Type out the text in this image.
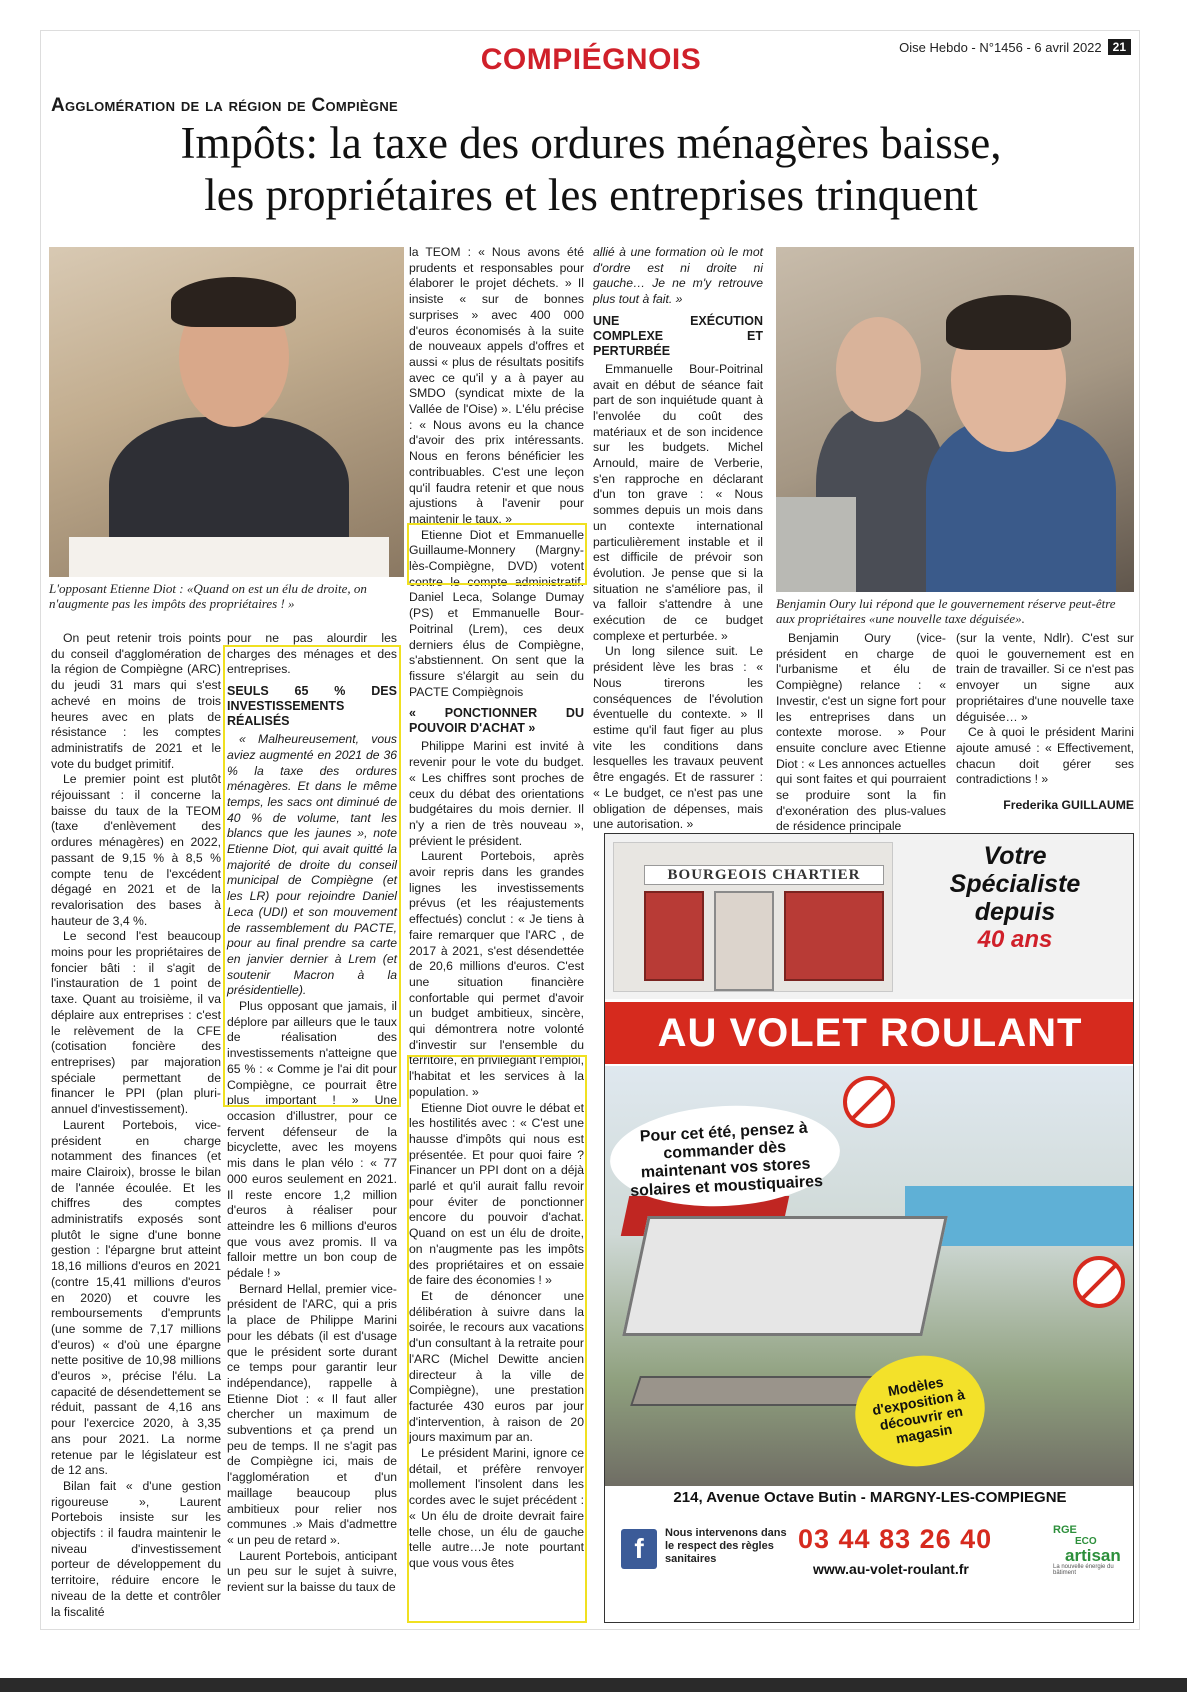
COMPIÉGNOIS	Oise Hebdo - N°1456 - 6 avril 2022 21
Agglomération de la région de Compiègne
Impôts: la taxe des ordures ménagères baisse,
les propriétaires et les entreprises trinquent
L'opposant Etienne Diot : «Quand on est un élu de droite, on n'augmente pas les impôts des propriétaires ! »	Benjamin Oury lui répond que le gouvernement réserve peut-être aux propriétaires «une nouvelle taxe déguisée».

On peut retenir trois points du conseil d'agglomération de la région de Compiègne (ARC) du jeudi 31 mars qui s'est achevé en moins de trois heures avec en plats de résistance : les comptes administratifs de 2021 et le vote du budget primitif.

Le premier point est plutôt réjouissant : il concerne la baisse du taux de la TEOM (taxe d'enlèvement des ordures ménagères) en 2022, passant de 9,15 % à 8,5 % compte tenu de l'excédent dégagé en 2021 et de la revalorisation des bases à hauteur de 3,4 %.

Le second l'est beaucoup moins pour les propriétaires de foncier bâti : il s'agit de l'instauration de 1 point de taxe. Quant au troisième, il va déplaire aux entreprises : c'est le relèvement de la CFE (cotisation foncière des entreprises) par majoration spéciale permettant de financer le PPI (plan pluri-annuel d'investissement).

Laurent Portebois, vice-président en charge notamment des finances (et maire Clairoix), brosse le bilan de l'année écoulée. Et les chiffres des comptes administratifs exposés sont plutôt le signe d'une bonne gestion : l'épargne brut atteint 18,16 millions d'euros en 2021 (contre 15,41 millions d'euros en 2020) et couvre les remboursements d'emprunts (une somme de 7,17 millions d'euros) « d'où une épargne nette positive de 10,98 millions d'euros », précise l'élu. La capacité de désendettement se réduit, passant de 4,16 ans pour l'exercice 2020, à 3,35 ans pour 2021. La norme retenue par le législateur est de 12 ans.

Bilan fait « d'une gestion rigoureuse », Laurent Portebois insiste sur les objectifs : il faudra maintenir le niveau d'investissement porteur de développement du territoire, réduire encore le niveau de la dette et contrôler la fiscalité

pour ne pas alourdir les charges des ménages et des entreprises.
SEULS 65 % DES INVESTISSEMENTS RÉALISÉS

« Malheureusement, vous aviez augmenté en 2021 de 36 % la taxe des ordures ménagères. Et dans le même temps, les sacs ont diminué de 40 % de volume, tant les blancs que les jaunes », note Etienne Diot, qui avait quitté la majorité de droite du conseil municipal de Compiègne (et les LR) pour rejoindre Daniel Leca (UDI) et son mouvement de rassemblement du PACTE, pour au final prendre sa carte en janvier dernier à Lrem (et soutenir Macron à la présidentielle).

Plus opposant que jamais, il déplore par ailleurs que le taux de réalisation des investissements n'atteigne que 65 % : « Comme je l'ai dit pour Compiègne, ce pourrait être plus important ! » Une occasion d'illustrer, pour ce fervent défenseur de la bicyclette, avec les moyens mis dans le plan vélo : « 77 000 euros seulement en 2021. Il reste encore 1,2 million d'euros à réaliser pour atteindre les 6 millions d'euros que vous avez promis. Il va falloir mettre un bon coup de pédale ! »

Bernard Hellal, premier vice-président de l'ARC, qui a pris la place de Philippe Marini pour les débats (il est d'usage que le président sorte durant ce temps pour garantir leur indépendance), rappelle à Etienne Diot : « Il faut aller chercher un maximum de subventions et ça prend un peu de temps. Il ne s'agit pas de Compiègne ici, mais de l'agglomération et d'un maillage beaucoup plus ambitieux pour relier nos communes .» Mais d'admettre « un peu de retard ».

Laurent Portebois, anticipant un peu sur le sujet à suivre, revient sur la baisse du taux de

la TEOM : « Nous avons été prudents et responsables pour élaborer le projet déchets. » Il insiste « sur de bonnes surprises » avec 400 000 d'euros économisés à la suite de nouveaux appels d'offres et aussi « plus de résultats positifs avec ce qu'il y a à payer au SMDO (syndicat mixte de la Vallée de l'Oise) ». L'élu précise : « Nous avons eu la chance d'avoir des prix intéressants. Nous en ferons bénéficier les contribuables. C'est une leçon qu'il faudra retenir et que nous ajustions à l'avenir pour maintenir le taux. »

Etienne Diot et Emmanuelle Guillaume-Monnery (Margny-lès-Compiègne, DVD) votent contre le compte administratif. Daniel Leca, Solange Dumay (PS) et Emmanuelle Bour-Poitrinal (Lrem), ces deux derniers élus de Compiègne, s'abstiennent. On sent que la fissure s'élargit au sein du PACTE Compiègnois

« PONCTIONNER DU POUVOIR D'ACHAT »

Philippe Marini est invité à revenir pour le vote du budget. « Les chiffres sont proches de ceux du débat des orientations budgétaires du mois dernier. Il n'y a rien de très nouveau », prévient le président.

Laurent Portebois, après avoir repris dans les grandes lignes les investissements prévus (et les réajustements effectués) conclut : « Je tiens à faire remarquer que l'ARC , de 2017 à 2021, s'est désendettée de 20,6 millions d'euros. C'est une situation financière confortable qui permet d'avoir un budget ambitieux, sincère, qui démontrera notre volonté d'investir sur l'ensemble du territoire, en privilégiant l'emploi, l'habitat et les services à la population. »

Etienne Diot ouvre le débat et les hostilités avec : « C'est une hausse d'impôts qui nous est présentée. Et pour quoi faire ? Financer un PPI dont on a déjà parlé et qu'il aurait fallu revoir pour éviter de ponctionner encore du pouvoir d'achat. Quand on est un élu de droite, on n'augmente pas les impôts des propriétaires et on essaie de faire des économies ! »

Et de dénoncer une délibération à suivre dans la soirée, le recours aux vacations d'un consultant à la retraite pour l'ARC (Michel Dewitte ancien directeur à la ville de Compiègne), une prestation facturée 430 euros par jour d'intervention, à raison de 20 jours maximum par an.

Le président Marini, ignore ce détail, et préfère renvoyer mollement l'insolent dans les cordes avec le sujet précédent : « Un élu de droite devrait faire telle chose, un élu de gauche telle autre…Je note pourtant que vous vous êtes

allié à une formation où le mot d'ordre est ni droite ni gauche… Je ne m'y retrouve plus tout à fait. »
UNE EXÉCUTION COMPLEXE ET PERTURBÉE

Emmanuelle Bour-Poitrinal avait en début de séance fait part de son inquiétude quant à l'envolée du coût des matériaux et de son incidence sur les budgets. Michel Arnould, maire de Verberie, s'en rapproche en déclarant d'un ton grave : « Nous sommes depuis un mois dans un contexte international particulièrement instable et il est difficile de prévoir son évolution. Je pense que si la situation ne s'améliore pas, il va falloir s'attendre à une exécution de ce budget complexe et perturbée. »

Un long silence suit. Le président lève les bras : « Nous tirerons les conséquences de l'évolution éventuelle du contexte. » Il estime qu'il faut figer au plus vite les conditions dans lesquelles les travaux peuvent être engagés. Et de rassurer : « Le budget, ce n'est pas une obligation de dépenses, mais une autorisation. »

Benjamin Oury (vice-président en charge de l'urbanisme et élu de Compiègne) relance : « Investir, c'est un signe fort pour les entreprises dans un contexte morose. » Pour ensuite conclure avec Etienne Diot : « Les annonces actuelles qui sont faites et qui pourraient se produire sont la fin d'exonération des plus-values de résidence principale

(sur la vente, Ndlr). C'est sur quoi le gouvernement est en train de travailler. Si ce n'est pas envoyer un signe aux propriétaires d'une nouvelle taxe déguisée… »

Ce à quoi le président Marini ajoute amusé : « Effectivement, chacun doit gérer ses contradictions ! »

Frederika GUILLAUME
BOURGEOIS CHARTIER
Votre
Spécialiste
depuis
40 ans
AU VOLET ROULANT
Pour cet été, pensez à commander dès maintenant vos stores solaires et moustiquaires
Modèles d'exposition à découvrir en magasin
214, Avenue Octave Butin - MARGNY-LES-COMPIEGNE
f	Nous intervenons dans le respect des règles sanitaires
03 44 83 26 40
www.au-volet-roulant.fr
RGE
ECO
artisan
La nouvelle énergie du bâtiment
